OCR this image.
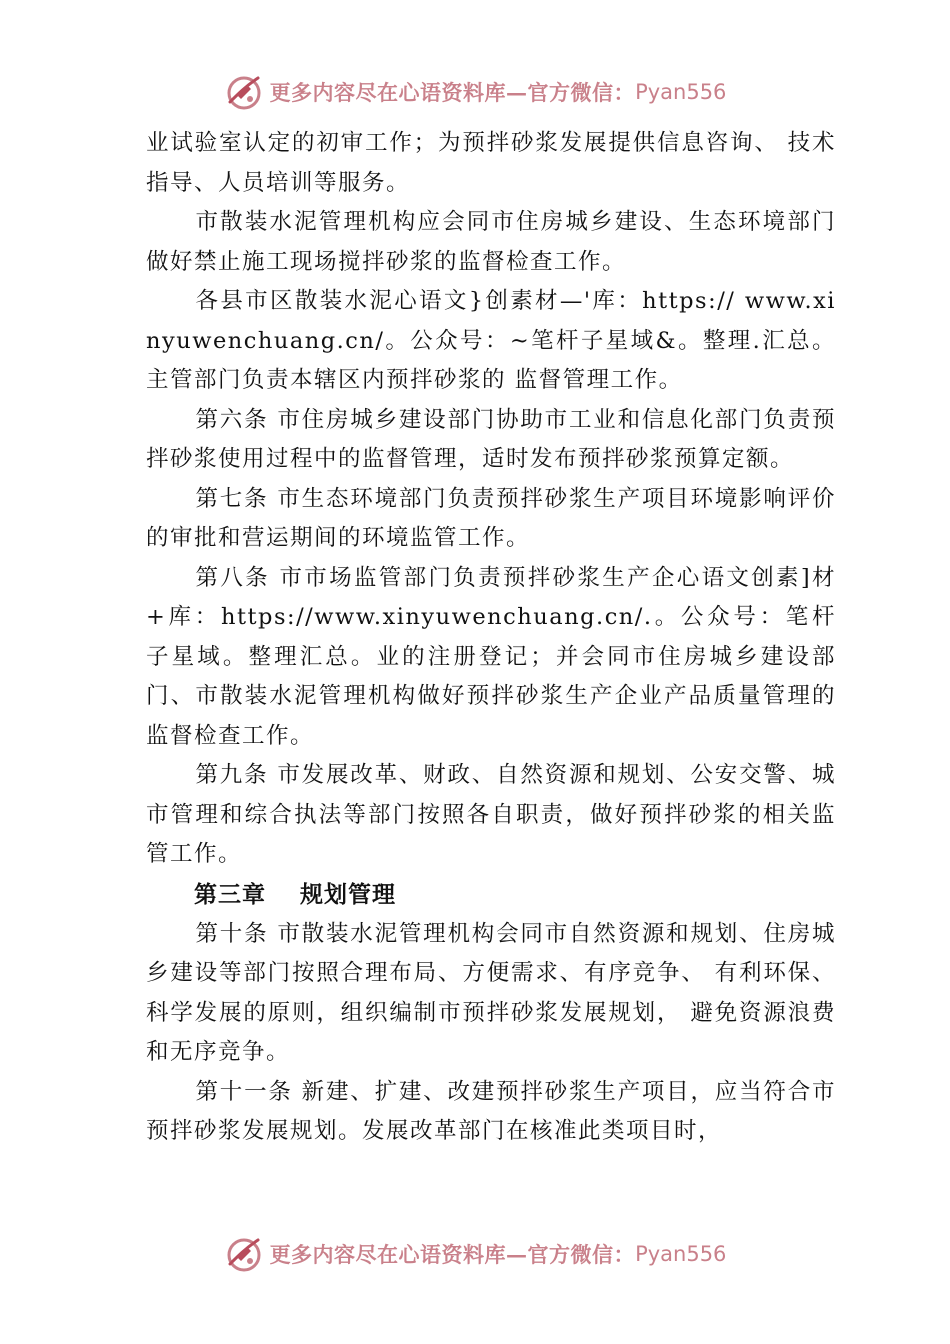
更多内容尽在心语资料库—官方微信： Pyan556

业试验室认定的初审工作；为预拌砂浆发展提供信息咨询、 技术指导、人员培训等服务。

市散装水泥管理机构应会同市住房城乡建设、生态环境部门做好禁止施工现场搅拌砂浆的监督检查工作。

各县市区散装水泥心语文}创素材—'库：https:// www.xinyuwenchuang.cn/。公众号：~笔杆子星域&。整理.汇总。主管部门负责本辖区内预拌砂浆的 监督管理工作。

第六条 市住房城乡建设部门协助市工业和信息化部门负责预拌砂浆使用过程中的监督管理，适时发布预拌砂浆预算定额。

第七条 市生态环境部门负责预拌砂浆生产项目环境影响评价的审批和营运期间的环境监管工作。

第八条 市市场监管部门负责预拌砂浆生产企心语文创素]材+库：https://www.xinyuwenchuang.cn/.。公众号：笔杆子星域。整理汇总。业的注册登记；并会同市住房城乡建设部门、市散装水泥管理机构做好预拌砂浆生产企业产品质量管理的监督检查工作。

第九条 市发展改革、财政、自然资源和规划、公安交警、城市管理和综合执法等部门按照各自职责，做好预拌砂浆的相关监管工作。

第三章 规划管理

第十条 市散装水泥管理机构会同市自然资源和规划、住房城乡建设等部门按照合理布局、方便需求、有序竞争、 有利环保、科学发展的原则，组织编制市预拌砂浆发展规划， 避免资源浪费和无序竞争。

第十一条 新建、扩建、改建预拌砂浆生产项目，应当符合市预拌砂浆发展规划。发展改革部门在核准此类项目时，

更多内容尽在心语资料库—官方微信： Pyan556
